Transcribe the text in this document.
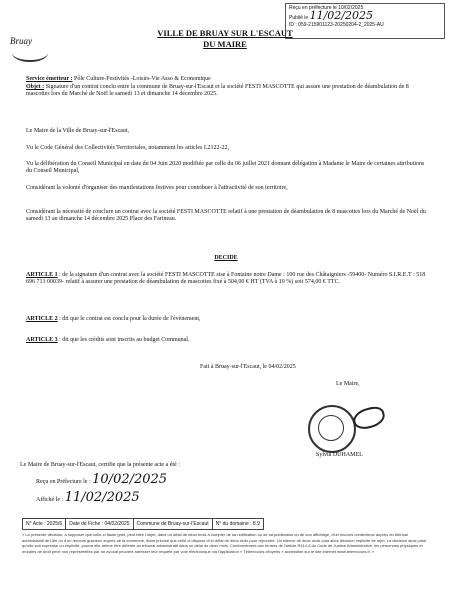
Reçu en préfecture le 10/02/2025
Publié le 11/02/2025
ID : 059-215901123-20250204-2_2025-AU
Bruay
VILLE DE BRUAY SUR L'ESCAUT
DU MAIRE
Service émetteur : Pôle Culture-Festivités -Loisirs-Vie Asso & Economique
Objet : Signature d'un contrat conclu entre la commune de Bruay-sur-l'Escaut et la société FESTI MASCOTTE qui assure une prestation de déambulation de 8 mascottes lors du Marché de Noël le samedi 13 et dimanche 14 décembre 2025.
Le Maire de la Ville de Bruay-sur-l'Escaut,
Vu le Code Général des Collectivités Territoriales, notamment les articles L2122-22,
Vu la délibération du Conseil Municipal en date du 04 Juin 2020 modifiée par celle du 06 juillet 2021 donnant délégation à Madame le Maire de certaines attributions du Conseil Municipal,
Considérant la volonté d'organiser des manifestations festives pour contribuer à l'attractivité de son territoire,
Considérant la nécessité de conclure un contrat avec la société FESTI MASCOTTE relatif à une prestation de déambulation de 8 mascottes lors du Marché de Noël du samedi 13 au dimanche 14 décembre 2025 Place des Farineau.
DECIDE
ARTICLE 1 : de la signature d'un contrat avec la société FESTI MASCOTTE sise à Fontaine notre Dame : 100 rue des Châtaigniers -59400- Numéro S.I.R.E.T : 518 696 713 00039- relatif à assurer une prestation de déambulation de mascottes fixé à 504,00 € HT (TVA à 10 %) soit 574,00 € TTC.
ARTICLE 2 : dit que le contrat est conclu pour la durée de l'évènement,
ARTICLE 3 : dit que les crédits sont inscrits au budget Communal.
Fait à Bruay-sur-l'Escaut, le 04/02/2025
Le Maire,
Sylvia DUHAMEL
Le Maire de Bruay-sur-l'Escaut, certifie que la présente acte a été :
Reçu en Préfecture le : 10/02/2025
Affiché le : 11/02/2025
N° Acte : 2025/6	Date de Fiche : 04/02/2025	Commune de Bruay-sur-l'Escaut	N° du domaine : 8.9
« La présente décision, à supposer que celle-ci fasse grief, peut faire l'objet, dans un délai de deux mois à compter de sa notification ou de sa publication ou de son affichage, d'un recours contentieux auprès du tribunal administratif de Lille ou d'un recours gracieux auprès de la commune, étant précisé que celle-ci dispose d'un délai de deux mois pour répondre. Un silence de deux mois vaut alors décision implicite de rejet. La décision ainsi prise qu'elle soit expresse ou implicite, pourra elle-même être déférée au tribunal administratif dans un délai de deux mois. Conformément aux termes de l'article R414-6 du Code de Justice Administrative, les personnes physiques et morales de droit privé non représentées par un avocat peuvent adresser leur requête par voie électronique via l'application « Télérecours citoyens » accessible sur le site internet www.telerecours.fr. »
